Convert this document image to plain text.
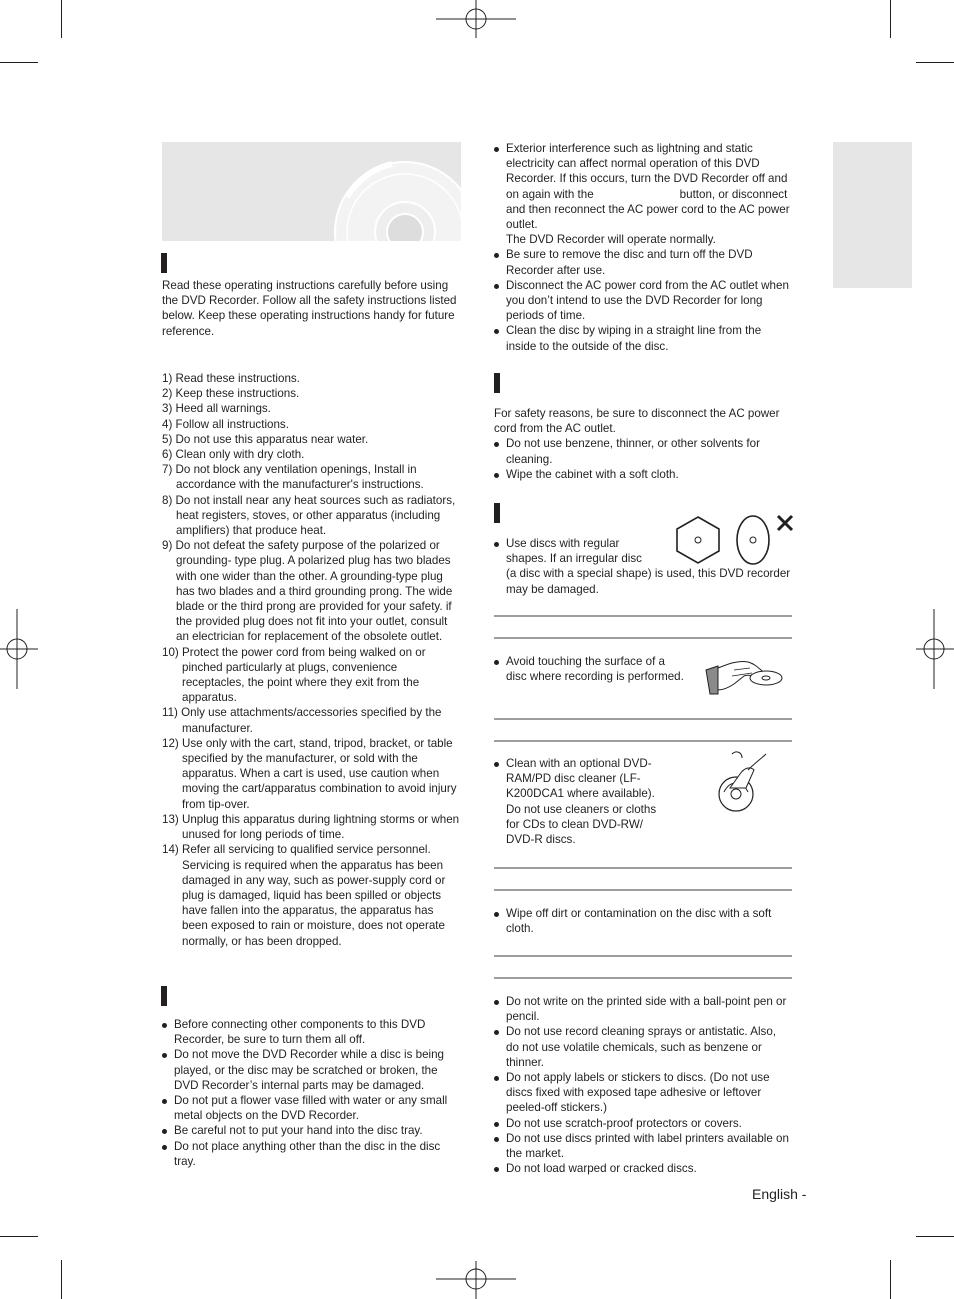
Read these operating instructions carefully before using the DVD Recorder. Follow all the safety instructions listed below. Keep these operating instructions handy for future reference.

1) Read these instructions.
2) Keep these instructions.
3) Heed all warnings.
4) Follow all instructions.
5) Do not use this apparatus near water.
6) Clean only with dry cloth.
7) Do not block any ventilation openings, Install in accordance with the manufacturer's instructions.
8) Do not install near any heat sources such as radiators, heat registers, stoves, or other apparatus (including amplifiers) that produce heat.
9) Do not defeat the safety purpose of the polarized or grounding- type plug. A polarized plug has two blades with one wider than the other. A grounding-type plug has two blades and a third grounding prong. The wide blade or the third prong are provided for your safety. if the provided plug does not fit into your outlet, consult an electrician for replacement of the obsolete outlet.
10) Protect the power cord from being walked on or pinched particularly at plugs, convenience receptacles, the point where they exit from the apparatus.
11) Only use attachments/accessories specified by the manufacturer.
12) Use only with the cart, stand, tripod, bracket, or table specified by the manufacturer, or sold with the apparatus. When a cart is used, use caution when moving the cart/apparatus combination to avoid injury from tip-over.
13) Unplug this apparatus during lightning storms or when unused for long periods of time.
14) Refer all servicing to qualified service personnel. Servicing is required when the apparatus has been damaged in any way, such as power-supply cord or plug is damaged, liquid has been spilled or objects have fallen into the apparatus, the apparatus has been exposed to rain or moisture, does not operate normally, or has been dropped.
Before connecting other components to this DVD Recorder, be sure to turn them all off.
Do not move the DVD Recorder while a disc is being played, or the disc may be scratched or broken, the DVD Recorder’s internal parts may be damaged.
Do not put a flower vase filled with water or any small metal objects on the DVD Recorder.
Be careful not to put your hand into the disc tray.
Do not place anything other than the disc in the disc tray.
Exterior interference such as lightning and static electricity can affect normal operation of this DVD Recorder. If this occurs, turn the DVD Recorder off and on again with the	button, or disconnect and then reconnect the AC power cord to the AC power outlet.
The DVD Recorder will operate normally.
Be sure to remove the disc and turn off the DVD Recorder after use.
Disconnect the AC power cord from the AC outlet when you don’t intend to use the DVD Recorder for long periods of time.
Clean the disc by wiping in a straight line from the inside to the outside of the disc.

For safety reasons, be sure to disconnect the AC power cord from the AC outlet.

Do not use benzene, thinner, or other solvents for cleaning.
Wipe the cabinet with a soft cloth.
Use discs with regular
shapes. If an irregular disc
(a disc with a special shape) is used, this DVD recorder may be damaged.
Avoid touching the surface of a
disc where recording is performed.
Clean with an optional DVD-
RAM/PD disc cleaner (LF-
K200DCA1 where available).
Do not use cleaners or cloths
for CDs to clean DVD-RW/
DVD-R discs.
Wipe off dirt or contamination on the disc with a soft cloth.
Do not write on the printed side with a ball-point pen or pencil.
Do not use record cleaning sprays or antistatic. Also, do not use volatile chemicals, such as benzene or thinner.
Do not apply labels or stickers to discs. (Do not use discs fixed with exposed tape adhesive or leftover peeled-off stickers.)
Do not use scratch-proof protectors or covers.
Do not use discs printed with label printers available on the market.
Do not load warped or cracked discs.
English -
